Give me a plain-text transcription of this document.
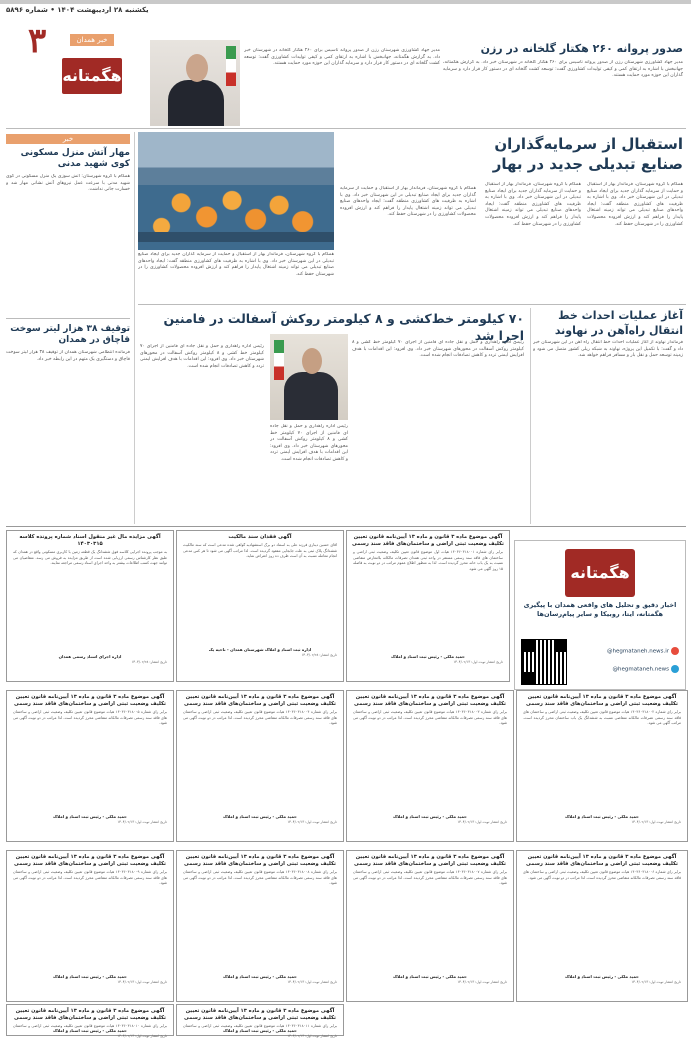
یکشنبه ۲۸ اردیبهشت ۱۴۰۴ • شماره ۵۸۹۶
۳	خبر همدان
هگمتانه
صدور پروانه ۲۶۰ هکتار گلخانه در رزن
مدیر جهاد کشاورزی شهرستان رزن از صدور پروانه تاسیس برای ۲۶۰ هکتار گلخانه در شهرستان خبر داد. به گزارش هگمتانه، جهانبخش با اشاره به ارتقای کمی و کیفی تولیدات کشاورزی گفت: توسعه کشت گلخانه ای در دستور کار قرار دارد و سرمایه گذاران این حوزه مورد حمایت هستند.
مدیر جهاد کشاورزی شهرستان رزن از صدور پروانه تاسیس برای ۲۶۰ هکتار گلخانه در شهرستان خبر داد. به گزارش هگمتانه، جهانبخش با اشاره به ارتقای کمی و کیفی تولیدات کشاورزی گفت: توسعه کشت گلخانه ای در دستور کار قرار دارد و سرمایه گذاران این حوزه مورد حمایت هستند.
خبر
مهار آتش منزل مسکونی کوی شهید مدنی
همگام با گروه شهرستان: آتش سوزی یک منزل مسکونی در کوی شهید مدنی با سرعت عمل نیروهای آتش نشانی مهار شد و خسارت جانی نداشت.
توقیف ۳۸ هزار لیتر سوخت قاچاق در همدان
فرمانده انتظامی شهرستان همدان از توقیف ۳۸ هزار لیتر سوخت قاچاق و دستگیری یک متهم در این رابطه خبر داد.
استقبال از سرمایه‌گذاران صنایع تبدیلی جدید در بهار
همگام با گروه شهرستان، فرماندار بهار از استقبال و حمایت از سرمایه گذاران جدید برای ایجاد صنایع تبدیلی در این شهرستان خبر داد. وی با اشاره به ظرفیت های کشاورزی منطقه گفت: ایجاد واحدهای صنایع تبدیلی می تواند زمینه اشتغال پایدار را فراهم کند و ارزش افزوده محصولات کشاورزی را در شهرستان حفظ کند.
همگام با گروه شهرستان، فرماندار بهار از استقبال و حمایت از سرمایه گذاران جدید برای ایجاد صنایع تبدیلی در این شهرستان خبر داد. وی با اشاره به ظرفیت های کشاورزی منطقه گفت: ایجاد واحدهای صنایع تبدیلی می تواند زمینه اشتغال پایدار را فراهم کند و ارزش افزوده محصولات کشاورزی را در شهرستان حفظ کند.
همگام با گروه شهرستان، فرماندار بهار از استقبال و حمایت از سرمایه گذاران جدید برای ایجاد صنایع تبدیلی در این شهرستان خبر داد. وی با اشاره به ظرفیت های کشاورزی منطقه گفت: ایجاد واحدهای صنایع تبدیلی می تواند زمینه اشتغال پایدار را فراهم کند و ارزش افزوده محصولات کشاورزی را در شهرستان حفظ کند.
همگام با گروه شهرستان، فرماندار بهار از استقبال و حمایت از سرمایه گذاران جدید برای ایجاد صنایع تبدیلی در این شهرستان خبر داد. وی با اشاره به ظرفیت های کشاورزی منطقه گفت: ایجاد واحدهای صنایع تبدیلی می تواند زمینه اشتغال پایدار را فراهم کند و ارزش افزوده محصولات کشاورزی را در شهرستان حفظ کند.
آغاز عملیات احداث خط انتقال راه‌آهن در نهاوند
فرماندار نهاوند از آغاز عملیات احداث خط انتقال راه آهن در این شهرستان خبر داد و گفت: با تکمیل این پروژه، نهاوند به شبکه ریلی کشور متصل می شود و زمینه توسعه حمل و نقل بار و مسافر فراهم خواهد شد.
۷۰ کیلومتر خط‌کشی و ۸ کیلومتر روکش آسفالت در فامنین اجرا شد
رئیس اداره راهداری و حمل و نقل جاده ای فامنین از اجرای ۷۰ کیلومتر خط کشی و ۸ کیلومتر روکش آسفالت در محورهای شهرستان خبر داد. وی افزود: این اقدامات با هدف افزایش ایمنی تردد و کاهش تصادفات انجام شده است.
رئیس اداره راهداری و حمل و نقل جاده ای فامنین از اجرای ۷۰ کیلومتر خط کشی و ۸ کیلومتر روکش آسفالت در محورهای شهرستان خبر داد. وی افزود: این اقدامات با هدف افزایش ایمنی تردد و کاهش تصادفات انجام شده است.
رئیس اداره راهداری و حمل و نقل جاده ای فامنین از اجرای ۷۰ کیلومتر خط کشی و ۸ کیلومتر روکش آسفالت در محورهای شهرستان خبر داد. وی افزود: این اقدامات با هدف افزایش ایمنی تردد و کاهش تصادفات انجام شده است.
هگمتانه
اخبار دقیق و تحلیل های واقعی همدان با پیگیری هگمتانه، ایتا، روبیکا و سایر پیام‌رسان‌ها
@hegmataneh.news.ir
@hegmataneh.news
آگهی موضوع ماده ۳ قانون و ماده ۱۳ آیین‌نامه قانون تعیین تکلیف وضعیت ثبتی اراضی و ساختمان‌های فاقد سند رسمی
برابر رأی شماره ۱۴۰۳۶۰۳۱۸۰۰۱ هیأت اول موضوع قانون تعیین تکلیف وضعیت ثبتی اراضی و ساختمان های فاقد سند رسمی مستقر در واحد ثبتی همدان تصرفات مالکانه بلامعارض متقاضی نسبت به یک باب خانه محرز گردیده است. لذا به منظور اطلاع عموم مراتب در دو نوبت به فاصله ۱۵ روز آگهی می شود.
حمید ملکی - رئیس ثبت اسناد و املاک
تاریخ انتشار نوبت اول: ۱۴۰۴/۰۲/۱۳
آگهی فقدان سند مالکیت
آقای حسین دیناری فرزند علی به استناد دو برگ استشهادیه گواهی شده مدعی است که سند مالکیت ششدانگ پلاک ثبتی به علت جابجایی مفقود گردیده است. لذا مراتب آگهی می شود تا هر کس مدعی انجام معامله نسبت به آن است ظرف ده روز اعتراض نماید.
اداره ثبت اسناد و املاک شهرستان همدان - ناحیه یک
تاریخ انتشار: ۱۴۰۴/۰۲/۲۸
آگهی مزایده مال غیر منقول اسناد شماره پرونده کلاسه ۱۴۰۳۰۳۱۵
به موجب پرونده اجرایی کلاسه فوق ششدانگ یک قطعه زمین با کاربری مسکونی واقع در همدان که طبق نظر کارشناس رسمی ارزیابی شده است از طریق مزایده به فروش می رسد. متقاضیان می توانند جهت کسب اطلاعات بیشتر به واحد اجرای اسناد رسمی مراجعه نمایند.
اداره اجرای اسناد رسمی همدان
تاریخ انتشار: ۱۴۰۴/۰۲/۲۸
آگهی موضوع ماده ۳ قانون و ماده ۱۳ آیین‌نامه قانون تعیین تکلیف وضعیت ثبتی اراضی و ساختمان‌های فاقد سند رسمی
برابر رأی شماره ۱۴۰۳۶۰۳۱۸۰۰۲ هیأت موضوع قانون تعیین تکلیف وضعیت ثبتی اراضی و ساختمان های فاقد سند رسمی تصرفات مالکانه متقاضی نسبت به ششدانگ یک باب ساختمان محرز گردیده است. مراتب آگهی می شود.
حمید ملکی - رئیس ثبت اسناد و املاک
تاریخ انتشار نوبت اول: ۱۴۰۴/۰۲/۱۳
آگهی موضوع ماده ۳ قانون و ماده ۱۳ آیین‌نامه قانون تعیین تکلیف وضعیت ثبتی اراضی و ساختمان‌های فاقد سند رسمی
برابر رأی شماره ۱۴۰۳۶۰۳۱۸۰۰۳ هیأت موضوع قانون تعیین تکلیف وضعیت ثبتی اراضی و ساختمان های فاقد سند رسمی تصرفات مالکانه متقاضی محرز گردیده است. لذا مراتب در دو نوبت آگهی می شود.
حمید ملکی - رئیس ثبت اسناد و املاک
تاریخ انتشار نوبت اول: ۱۴۰۴/۰۲/۱۳
آگهی موضوع ماده ۳ قانون و ماده ۱۳ آیین‌نامه قانون تعیین تکلیف وضعیت ثبتی اراضی و ساختمان‌های فاقد سند رسمی
برابر رأی شماره ۱۴۰۳۶۰۳۱۸۰۰۴ هیأت موضوع قانون تعیین تکلیف وضعیت ثبتی اراضی و ساختمان های فاقد سند رسمی تصرفات مالکانه متقاضی محرز گردیده است. لذا مراتب در دو نوبت آگهی می شود.
حمید ملکی - رئیس ثبت اسناد و املاک
تاریخ انتشار نوبت اول: ۱۴۰۴/۰۲/۱۳
آگهی موضوع ماده ۳ قانون و ماده ۱۳ آیین‌نامه قانون تعیین تکلیف وضعیت ثبتی اراضی و ساختمان‌های فاقد سند رسمی
برابر رأی شماره ۱۴۰۳۶۰۳۱۸۰۰۵ هیأت موضوع قانون تعیین تکلیف وضعیت ثبتی اراضی و ساختمان های فاقد سند رسمی تصرفات مالکانه متقاضی محرز گردیده است. لذا مراتب در دو نوبت آگهی می شود.
حمید ملکی - رئیس ثبت اسناد و املاک
تاریخ انتشار نوبت اول: ۱۴۰۴/۰۲/۱۳
آگهی موضوع ماده ۳ قانون و ماده ۱۳ آیین‌نامه قانون تعیین تکلیف وضعیت ثبتی اراضی و ساختمان‌های فاقد سند رسمی
برابر رأی شماره ۱۴۰۳۶۰۳۱۸۰۰۶ هیأت موضوع قانون تعیین تکلیف وضعیت ثبتی اراضی و ساختمان های فاقد سند رسمی تصرفات مالکانه متقاضی محرز گردیده است. لذا مراتب در دو نوبت آگهی می شود.
حمید ملکی - رئیس ثبت اسناد و املاک
تاریخ انتشار نوبت اول: ۱۴۰۴/۰۲/۱۳
آگهی موضوع ماده ۳ قانون و ماده ۱۳ آیین‌نامه قانون تعیین تکلیف وضعیت ثبتی اراضی و ساختمان‌های فاقد سند رسمی
برابر رأی شماره ۱۴۰۳۶۰۳۱۸۰۰۷ هیأت موضوع قانون تعیین تکلیف وضعیت ثبتی اراضی و ساختمان های فاقد سند رسمی تصرفات مالکانه متقاضی محرز گردیده است. لذا مراتب در دو نوبت آگهی می شود.
حمید ملکی - رئیس ثبت اسناد و املاک
تاریخ انتشار نوبت اول: ۱۴۰۴/۰۲/۱۳
آگهی موضوع ماده ۳ قانون و ماده ۱۳ آیین‌نامه قانون تعیین تکلیف وضعیت ثبتی اراضی و ساختمان‌های فاقد سند رسمی
برابر رأی شماره ۱۴۰۳۶۰۳۱۸۰۰۸ هیأت موضوع قانون تعیین تکلیف وضعیت ثبتی اراضی و ساختمان های فاقد سند رسمی تصرفات مالکانه متقاضی محرز گردیده است. لذا مراتب در دو نوبت آگهی می شود.
حمید ملکی - رئیس ثبت اسناد و املاک
تاریخ انتشار نوبت اول: ۱۴۰۴/۰۲/۱۳
آگهی موضوع ماده ۳ قانون و ماده ۱۳ آیین‌نامه قانون تعیین تکلیف وضعیت ثبتی اراضی و ساختمان‌های فاقد سند رسمی
برابر رأی شماره ۱۴۰۳۶۰۳۱۸۰۰۹ هیأت موضوع قانون تعیین تکلیف وضعیت ثبتی اراضی و ساختمان های فاقد سند رسمی تصرفات مالکانه متقاضی محرز گردیده است. لذا مراتب در دو نوبت آگهی می شود.
حمید ملکی - رئیس ثبت اسناد و املاک
تاریخ انتشار نوبت اول: ۱۴۰۴/۰۲/۱۳
آگهی موضوع ماده ۳ قانون و ماده ۱۳ آیین‌نامه قانون تعیین تکلیف وضعیت ثبتی اراضی و ساختمان‌های فاقد سند رسمی
برابر رأی شماره ۱۴۰۳۶۰۳۱۸۰۱۰ هیأت موضوع قانون تعیین تکلیف وضعیت ثبتی اراضی و ساختمان
حمید ملکی - رئیس ثبت اسناد و املاک
تاریخ انتشار نوبت اول: ۱۴۰۴/۰۲/۱۳
آگهی موضوع ماده ۳ قانون و ماده ۱۳ آیین‌نامه قانون تعیین تکلیف وضعیت ثبتی اراضی و ساختمان‌های فاقد سند رسمی
برابر رأی شماره ۱۴۰۳۶۰۳۱۸۰۱۱ هیأت موضوع قانون تعیین تکلیف وضعیت ثبتی اراضی و ساختمان
حمید ملکی - رئیس ثبت اسناد و املاک
تاریخ انتشار نوبت اول: ۱۴۰۴/۰۲/۱۳
